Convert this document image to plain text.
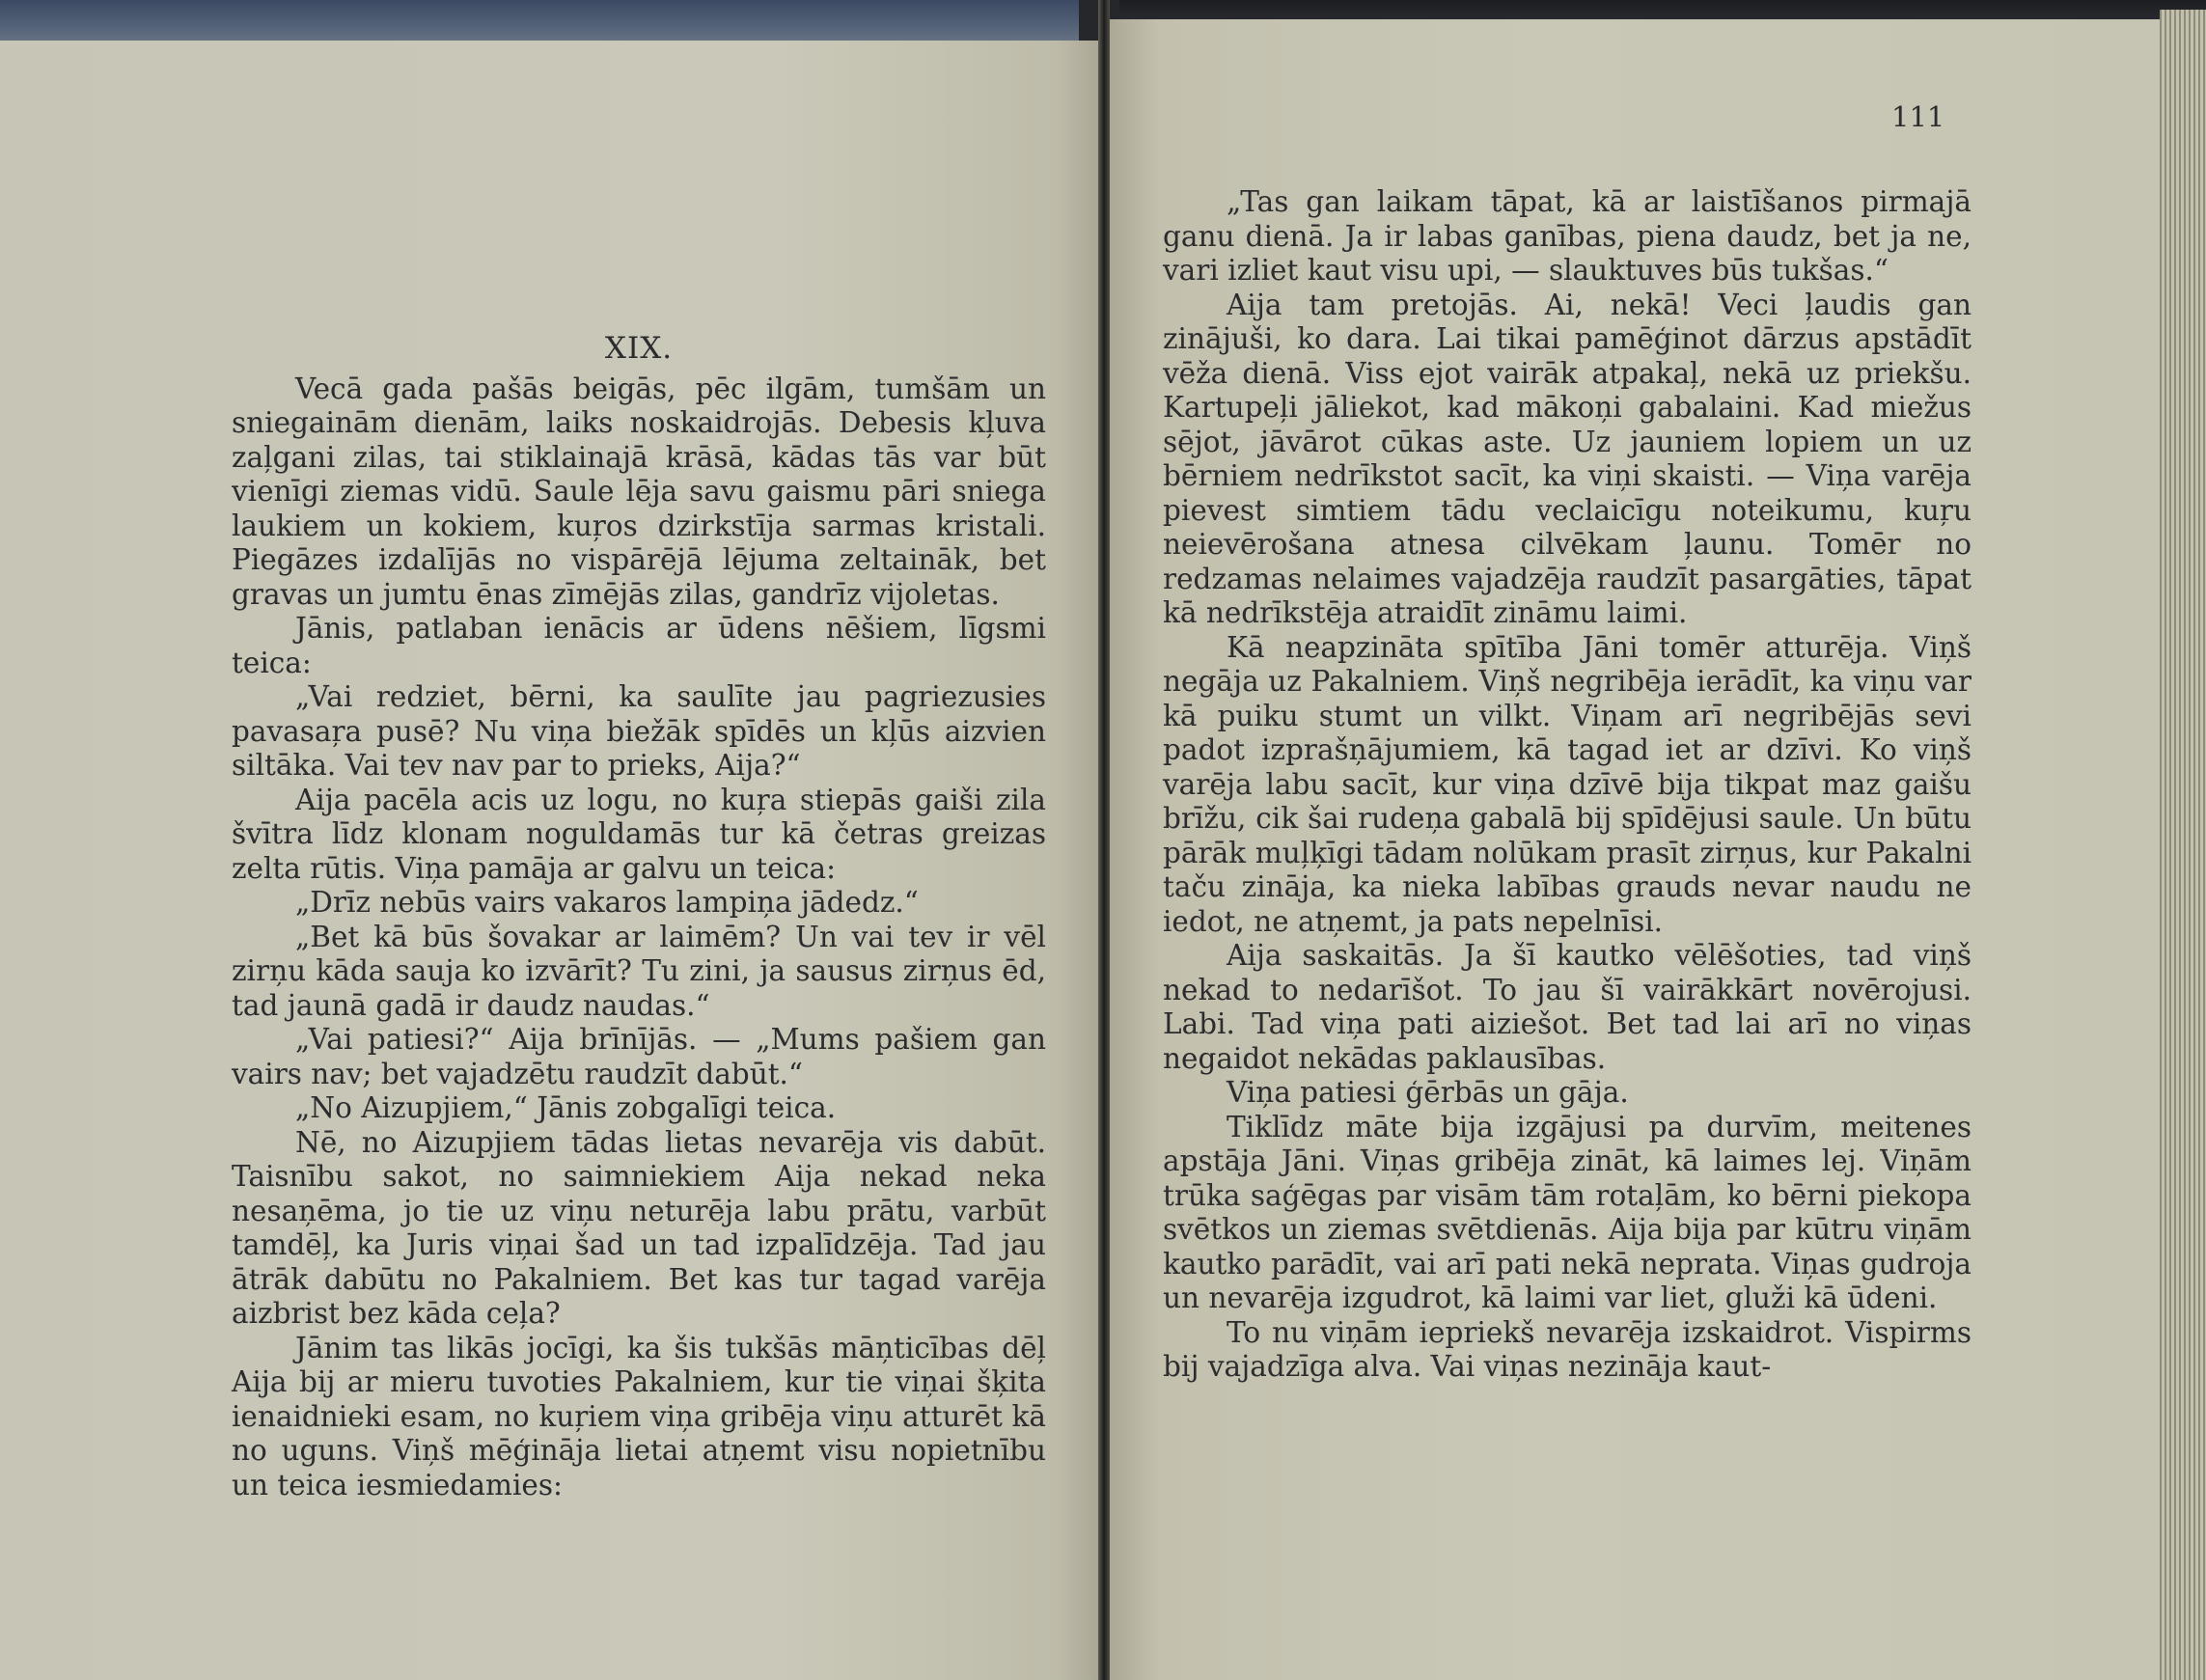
XIX.

Vecā gada pašās beigās, pēc ilgām, tumšām un sniegainām dienām, laiks noskaidrojās. Debesis kļuva zaļgani zilas, tai stiklainajā krāsā, kādas tās var būt vienīgi ziemas vidū. Saule lēja savu gaismu pāri sniega laukiem un kokiem, kuŗos dzirkstīja sarmas kristali. Piegāzes izdalījās no vispārējā lējuma zeltaināk, bet gravas un jumtu ēnas zīmējās zilas, gandrīz vijoletas.

Jānis, patlaban ienācis ar ūdens nēšiem, līgsmi teica:

„Vai redziet, bērni, ka saulīte jau pagriezusies pavasaŗa pusē? Nu viņa biežāk spīdēs un kļūs aizvien siltāka. Vai tev nav par to prieks, Aija?“

Aija pacēla acis uz logu, no kuŗa stiepās gaiši zila švītra līdz klonam noguldamās tur kā četras greizas zelta rūtis. Viņa pamāja ar galvu un teica:

„Drīz nebūs vairs vakaros lampiņa jādedz.“

„Bet kā būs šovakar ar laimēm? Un vai tev ir vēl zirņu kāda sauja ko izvārīt? Tu zini, ja sausus zirņus ēd, tad jaunā gadā ir daudz naudas.“

„Vai patiesi?“ Aija brīnījās. — „Mums pašiem gan vairs nav; bet vajadzētu raudzīt dabūt.“

„No Aizupjiem,“ Jānis zobgalīgi teica.

Nē, no Aizupjiem tādas lietas nevarēja vis dabūt. Taisnību sakot, no saimniekiem Aija nekad neka nesaņēma, jo tie uz viņu neturēja labu prātu, varbūt tamdēļ, ka Juris viņai šad un tad izpalīdzēja. Tad jau ātrāk dabūtu no Pakalniem. Bet kas tur tagad varēja aizbrist bez kāda ceļa?

Jānim tas likās jocīgi, ka šis tukšās māņticības dēļ Aija bij ar mieru tuvoties Pakalniem, kur tie viņai šķita ienaidnieki esam, no kuŗiem viņa gribēja viņu atturēt kā no uguns. Viņš mēģināja lietai atņemt visu nopietnību un teica iesmiedamies:

111

„Tas gan laikam tāpat, kā ar laistīšanos pirmajā ganu dienā. Ja ir labas ganības, piena daudz, bet ja ne, vari izliet kaut visu upi, — slauktuves būs tukšas.“

Aija tam pretojās. Ai, nekā! Veci ļaudis gan zinājuši, ko dara. Lai tikai pamēģinot dārzus apstādīt vēža dienā. Viss ejot vairāk atpakaļ, nekā uz priekšu. Kartupeļi jāliekot, kad mākoņi gabalaini. Kad miežus sējot, jāvārot cūkas aste. Uz jauniem lopiem un uz bērniem nedrīkstot sacīt, ka viņi skaisti. — Viņa varēja pievest simtiem tādu veclaicīgu noteikumu, kuŗu neievērošana atnesa cilvēkam ļaunu. Tomēr no redzamas nelaimes vajadzēja raudzīt pasargāties, tāpat kā nedrīkstēja atraidīt zināmu laimi.

Kā neapzināta spītība Jāni tomēr atturēja. Viņš negāja uz Pakalniem. Viņš negribēja ierādīt, ka viņu var kā puiku stumt un vilkt. Viņam arī negribējās sevi padot izprašņājumiem, kā tagad iet ar dzīvi. Ko viņš varēja labu sacīt, kur viņa dzīvē bija tikpat maz gaišu brīžu, cik šai rudeņa gabalā bij spīdējusi saule. Un būtu pārāk muļķīgi tādam nolūkam prasīt zirņus, kur Pakalni taču zināja, ka nieka labības grauds nevar naudu ne iedot, ne atņemt, ja pats nepelnīsi.

Aija saskaitās. Ja šī kautko vēlēšoties, tad viņš nekad to nedarīšot. To jau šī vairākkārt novērojusi. Labi. Tad viņa pati aiziešot. Bet tad lai arī no viņas negaidot nekādas paklausības.

Viņa patiesi ģērbās un gāja.

Tiklīdz māte bija izgājusi pa durvīm, meitenes apstāja Jāni. Viņas gribēja zināt, kā laimes lej. Viņām trūka saģēgas par visām tām rotaļām, ko bērni piekopa svētkos un ziemas svētdienās. Aija bija par kūtru viņām kautko parādīt, vai arī pati nekā neprata. Viņas gudroja un nevarēja izgudrot, kā laimi var liet, gluži kā ūdeni.

To nu viņām iepriekš nevarēja izskaidrot. Vispirms bij vajadzīga alva. Vai viņas nezināja kaut-
